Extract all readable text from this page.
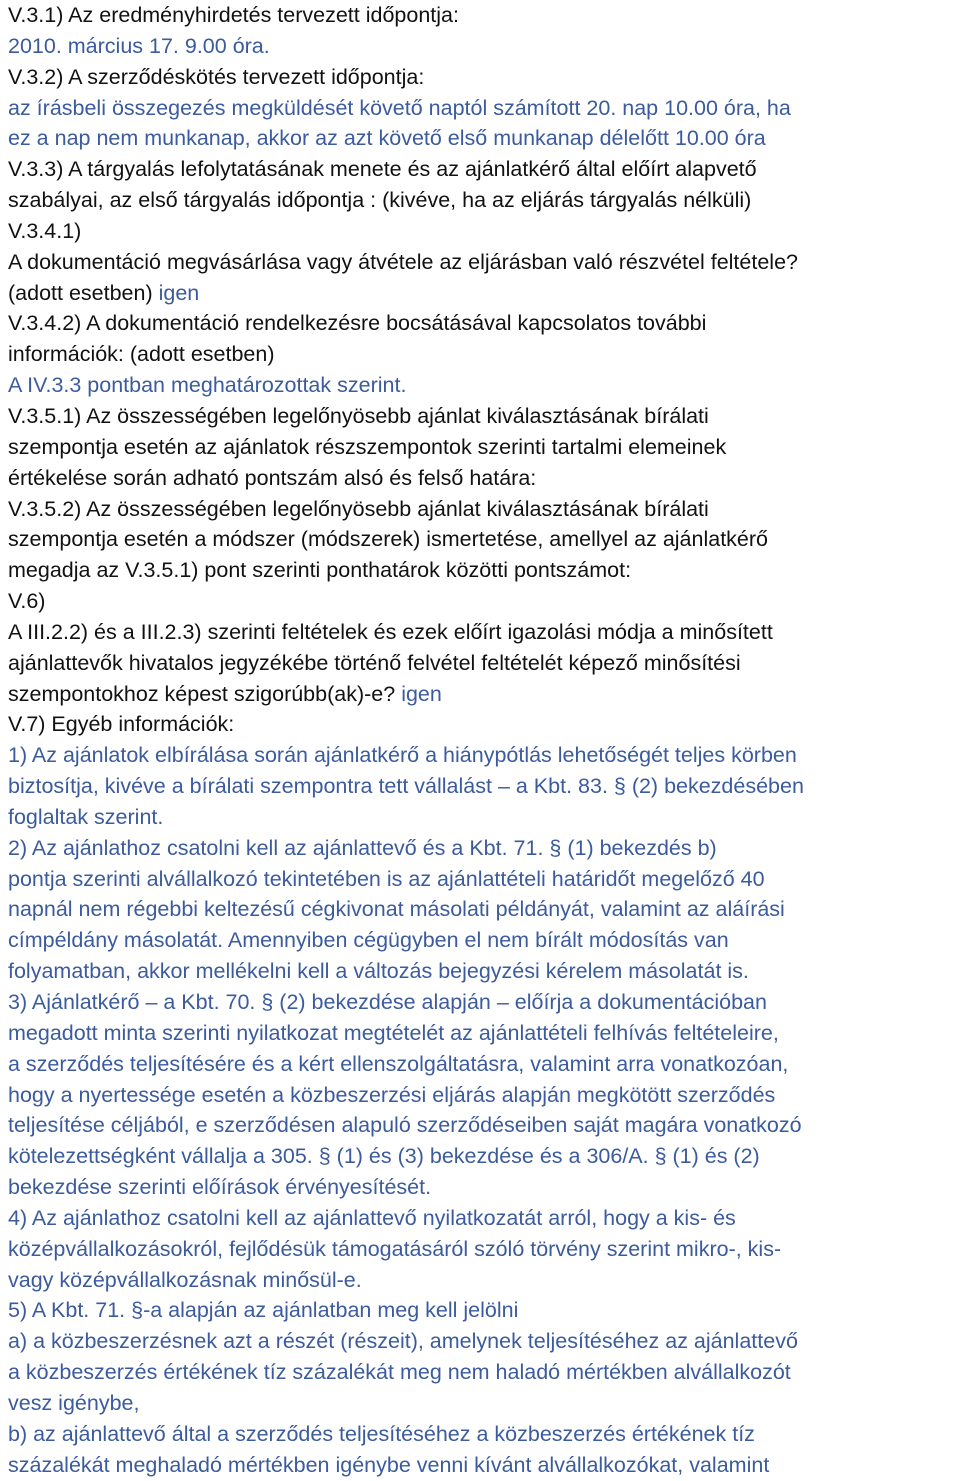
V.3.1) Az eredményhirdetés tervezett időpontja:
2010. március 17. 9.00 óra.
V.3.2) A szerződéskötés tervezett időpontja:
az írásbeli összegezés megküldését követő naptól számított 20. nap 10.00 óra, ha
ez a nap nem munkanap, akkor az azt követő első munkanap délelőtt 10.00 óra
V.3.3) A tárgyalás lefolytatásának menete és az ajánlatkérő által előírt alapvető
szabályai, az első tárgyalás időpontja : (kivéve, ha az eljárás tárgyalás nélküli)
V.3.4.1)
A dokumentáció megvásárlása vagy átvétele az eljárásban való részvétel feltétele?
(adott esetben) igen
V.3.4.2) A dokumentáció rendelkezésre bocsátásával kapcsolatos további
információk: (adott esetben)
A IV.3.3 pontban meghatározottak szerint.
V.3.5.1) Az összességében legelőnyösebb ajánlat kiválasztásának bírálati
szempontja esetén az ajánlatok részszempontok szerinti tartalmi elemeinek
értékelése során adható pontszám alsó és felső határa:
V.3.5.2) Az összességében legelőnyösebb ajánlat kiválasztásának bírálati
szempontja esetén a módszer (módszerek) ismertetése, amellyel az ajánlatkérő
megadja az V.3.5.1) pont szerinti ponthatárok közötti pontszámot:
V.6)
A III.2.2) és a III.2.3) szerinti feltételek és ezek előírt igazolási módja a minősített
ajánlattevők hivatalos jegyzékébe történő felvétel feltételét képező minősítési
szempontokhoz képest szigorúbb(ak)-e? igen
V.7) Egyéb információk:
1) Az ajánlatok elbírálása során ajánlatkérő a hiánypótlás lehetőségét teljes körben
biztosítja, kivéve a bírálati szempontra tett vállalást – a Kbt. 83. § (2) bekezdésében
foglaltak szerint.
2) Az ajánlathoz csatolni kell az ajánlattevő és a Kbt. 71. § (1) bekezdés b)
pontja szerinti alvállalkozó tekintetében is az ajánlattételi határidőt megelőző 40
napnál nem régebbi keltezésű cégkivonat másolati példányát, valamint az aláírási
címpéldány másolatát. Amennyiben cégügyben el nem bírált módosítás van
folyamatban, akkor mellékelni kell a változás bejegyzési kérelem másolatát is.
3) Ajánlatkérő – a Kbt. 70. § (2) bekezdése alapján – előírja a dokumentációban
megadott minta szerinti nyilatkozat megtételét az ajánlattételi felhívás feltételeire,
a szerződés teljesítésére és a kért ellenszolgáltatásra, valamint arra vonatkozóan,
hogy a nyertessége esetén a közbeszerzési eljárás alapján megkötött szerződés
teljesítése céljából, e szerződésen alapuló szerződéseiben saját magára vonatkozó
kötelezettségként vállalja a 305. § (1) és (3) bekezdése és a 306/A. § (1) és (2)
bekezdése szerinti előírások érvényesítését.
4) Az ajánlathoz csatolni kell az ajánlattevő nyilatkozatát arról, hogy a kis- és
középvállalkozásokról, fejlődésük támogatásáról szóló törvény szerint mikro-, kis-
vagy középvállalkozásnak minősül-e.
5) A Kbt. 71. §-a alapján az ajánlatban meg kell jelölni
a) a közbeszerzésnek azt a részét (részeit), amelynek teljesítéséhez az ajánlattevő
a közbeszerzés értékének tíz százalékát meg nem haladó mértékben alvállalkozót
vesz igénybe,
b) az ajánlattevő által a szerződés teljesítéséhez a közbeszerzés értékének tíz
százalékát meghaladó mértékben igénybe venni kívánt alvállalkozókat, valamint
